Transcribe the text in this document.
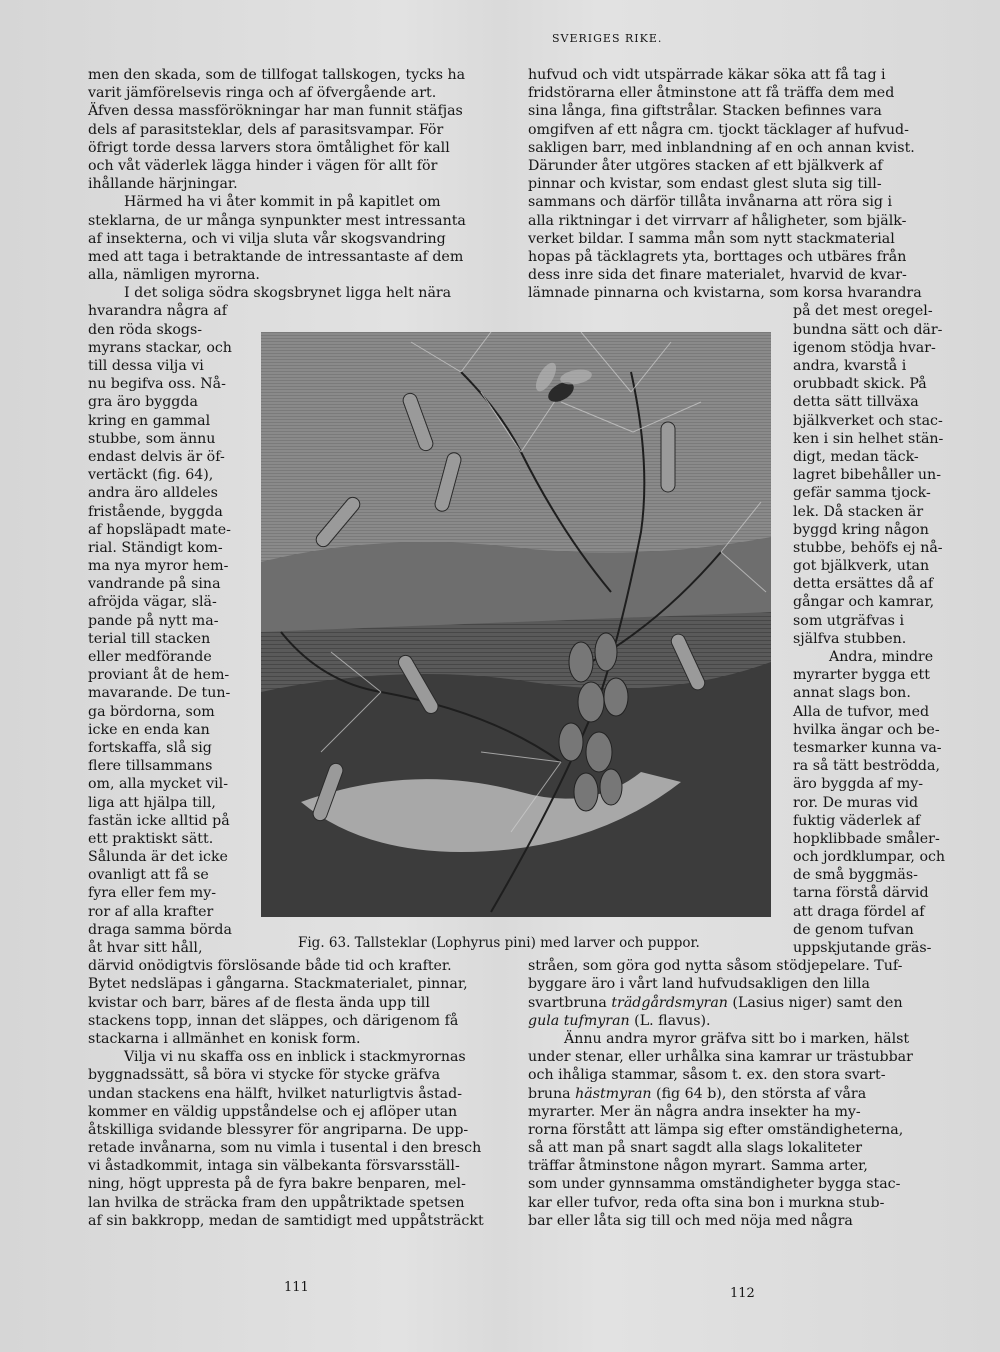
SVERIGES RIKE.
men den skada, som de tillfogat tallskogen, tycks ha
varit jämförelsevis ringa och af öfvergående art.
Äfven dessa massförökningar har man funnit stäfjas
dels af parasitsteklar, dels af parasitsvampar. För
öfrigt torde dessa larvers stora ömtålighet för kall
och våt väderlek lägga hinder i vägen för allt för
ihållande härjningar.
Härmed ha vi åter kommit in på kapitlet om
steklarna, de ur många synpunkter mest intressanta
af insekterna, och vi vilja sluta vår skogsvandring
med att taga i betraktande de intressantaste af dem
alla, nämligen myrorna.
I det soliga södra skogsbrynet ligga helt nära
hvarandra några af
den röda skogs-
myrans stackar, och
till dessa vilja vi
nu begifva oss. Nå-
gra äro byggda
kring en gammal
stubbe, som ännu
endast delvis är öf-
vertäckt (fig. 64),
andra äro alldeles
fristående, byggda
af hopsläpadt mate-
rial. Ständigt kom-
ma nya myror hem-
vandrande på sina
afröjda vägar, slä-
pande på nytt ma-
terial till stacken
eller medförande
proviant åt de hem-
mavarande. De tun-
ga bördorna, som
icke en enda kan
fortskaffa, slå sig
flere tillsammans
om, alla mycket vil-
liga att hjälpa till,
fastän icke alltid på
ett praktiskt sätt.
Sålunda är det icke
ovanligt att få se
fyra eller fem my-
ror af alla krafter
draga samma börda
åt hvar sitt håll,
därvid onödigtvis förslösande både tid och krafter.
Bytet nedsläpas i gångarna. Stackmaterialet, pinnar,
kvistar och barr, bäres af de flesta ända upp till
stackens topp, innan det släppes, och därigenom få
stackarna i allmänhet en konisk form.
Vilja vi nu skaffa oss en inblick i stackmyrornas
byggnadssätt, så böra vi stycke för stycke gräfva
undan stackens ena hälft, hvilket naturligtvis åstad-
kommer en väldig uppståndelse och ej aflöper utan
åtskilliga svidande blessyrer för angriparna. De upp-
retade invånarna, som nu vimla i tusental i den bresch
vi åstadkommit, intaga sin välbekanta försvarsställ-
ning, högt uppresta på de fyra bakre benparen, mel-
lan hvilka de sträcka fram den uppåtriktade spetsen
af sin bakkropp, medan de samtidigt med uppåtsträckt
hufvud och vidt utspärrade käkar söka att få tag i
fridstörarna eller åtminstone att få träffa dem med
sina långa, fina giftstrålar. Stacken befinnes vara
omgifven af ett några cm. tjockt täcklager af hufvud-
sakligen barr, med inblandning af en och annan kvist.
Därunder åter utgöres stacken af ett bjälkverk af
pinnar och kvistar, som endast glest sluta sig till-
sammans och därför tillåta invånarna att röra sig i
alla riktningar i det virrvarr af håligheter, som bjälk-
verket bildar. I samma mån som nytt stackmaterial
hopas på täcklagrets yta, borttages och utbäres från
dess inre sida det finare materialet, hvarvid de kvar-
lämnade pinnarna och kvistarna, som korsa hvarandra
på det mest oregel-
bundna sätt och där-
igenom stödja hvar-
andra, kvarstå i
orubbadt skick. På
detta sätt tillväxa
bjälkverket och stac-
ken i sin helhet stän-
digt, medan täck-
lagret bibehåller un-
gefär samma tjock-
lek. Då stacken är
byggd kring någon
stubbe, behöfs ej nå-
got bjälkverk, utan
detta ersättes då af
gångar och kamrar,
som utgräfvas i
själfva stubben.
Andra, mindre
myrarter bygga ett
annat slags bon.
Alla de tufvor, med
hvilka ängar och be-
tesmarker kunna va-
ra så tätt beströdda,
äro byggda af my-
ror. De muras vid
fuktig väderlek af
hopklibbade småler-
och jordklumpar, och
de små byggmäs-
tarna förstå därvid
att draga fördel af
de genom tufvan
uppskjutande gräs-
stråen, som göra god nytta såsom stödjepelare. Tuf-
byggare äro i vårt land hufvudsakligen den lilla
svartbruna trädgårdsmyran (Lasius niger) samt den
gula tufmyran (L. flavus).
Ännu andra myror gräfva sitt bo i marken, hälst
under stenar, eller urhålka sina kamrar ur trästubbar
och ihåliga stammar, såsom t. ex. den stora svart-
bruna hästmyran (fig 64 b), den största af våra
myrarter. Mer än några andra insekter ha my-
rorna förstått att lämpa sig efter omständigheterna,
så att man på snart sagdt alla slags lokaliteter
träffar åtminstone någon myrart. Samma arter,
som under gynnsamma omständigheter bygga stac-
kar eller tufvor, reda ofta sina bon i murkna stub-
bar eller låta sig till och med nöja med några
Fig. 63. Tallsteklar (Lophyrus pini) med larver och puppor.
111	112
